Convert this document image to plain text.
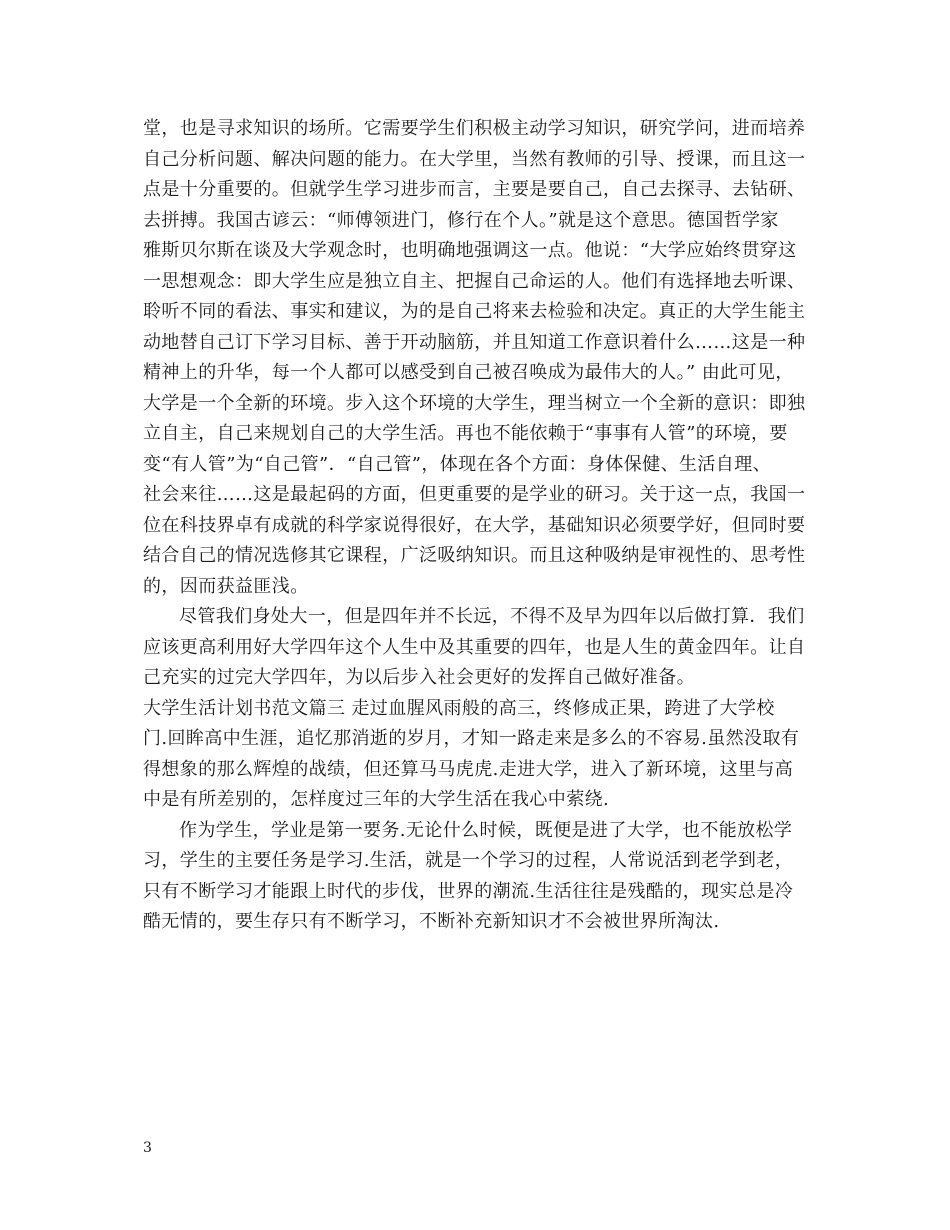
堂，也是寻求知识的场所。它需要学生们积极主动学习知识，研究学问，进而培养
自己分析问题、解决问题的能力。在大学里，当然有教师的引导、授课，而且这一
点是十分重要的。但就学生学习进步而言，主要是要自己，自己去探寻、去钻研、
去拼搏。我国古谚云：“师傅领进门，修行在个人。”就是这个意思。德国哲学家
雅斯贝尔斯在谈及大学观念时，也明确地强调这一点。他说：“大学应始终贯穿这
一思想观念：即大学生应是独立自主、把握自己命运的人。他们有选择地去听课、
聆听不同的看法、事实和建议，为的是自己将来去检验和决定。真正的大学生能主
动地替自己订下学习目标、善于开动脑筋，并且知道工作意识着什么……这是一种
精神上的升华，每一个人都可以感受到自己被召唤成为最伟大的人。” 由此可见，
大学是一个全新的环境。步入这个环境的大学生，理当树立一个全新的意识：即独
立自主，自己来规划自己的大学生活。再也不能依赖于“事事有人管”的环境，要
变“有人管”为“自己管”．“自己管”，体现在各个方面：身体保健、生活自理、
社会来往……这是最起码的方面，但更重要的是学业的研习。关于这一点，我国一
位在科技界卓有成就的科学家说得很好，在大学，基础知识必须要学好，但同时要
结合自己的情况选修其它课程，广泛吸纳知识。而且这种吸纳是审视性的、思考性
的，因而获益匪浅。
尽管我们身处大一，但是四年并不长远，不得不及早为四年以后做打算．我们
应该更高利用好大学四年这个人生中及其重要的四年，也是人生的黄金四年。让自
己充实的过完大学四年，为以后步入社会更好的发挥自己做好准备。
大学生活计划书范文篇三 走过血腥风雨般的高三，终修成正果，跨进了大学校
门.回眸高中生涯，追忆那消逝的岁月，才知一路走来是多么的不容易.虽然没取有
得想象的那么辉煌的战绩，但还算马马虎虎.走进大学，进入了新环境，这里与高
中是有所差别的，怎样度过三年的大学生活在我心中萦绕.
作为学生，学业是第一要务.无论什么时候，既便是进了大学，也不能放松学
习，学生的主要任务是学习.生活，就是一个学习的过程，人常说活到老学到老，
只有不断学习才能跟上时代的步伐，世界的潮流.生活往往是残酷的，现实总是冷
酷无情的，要生存只有不断学习，不断补充新知识才不会被世界所淘汰.
3
